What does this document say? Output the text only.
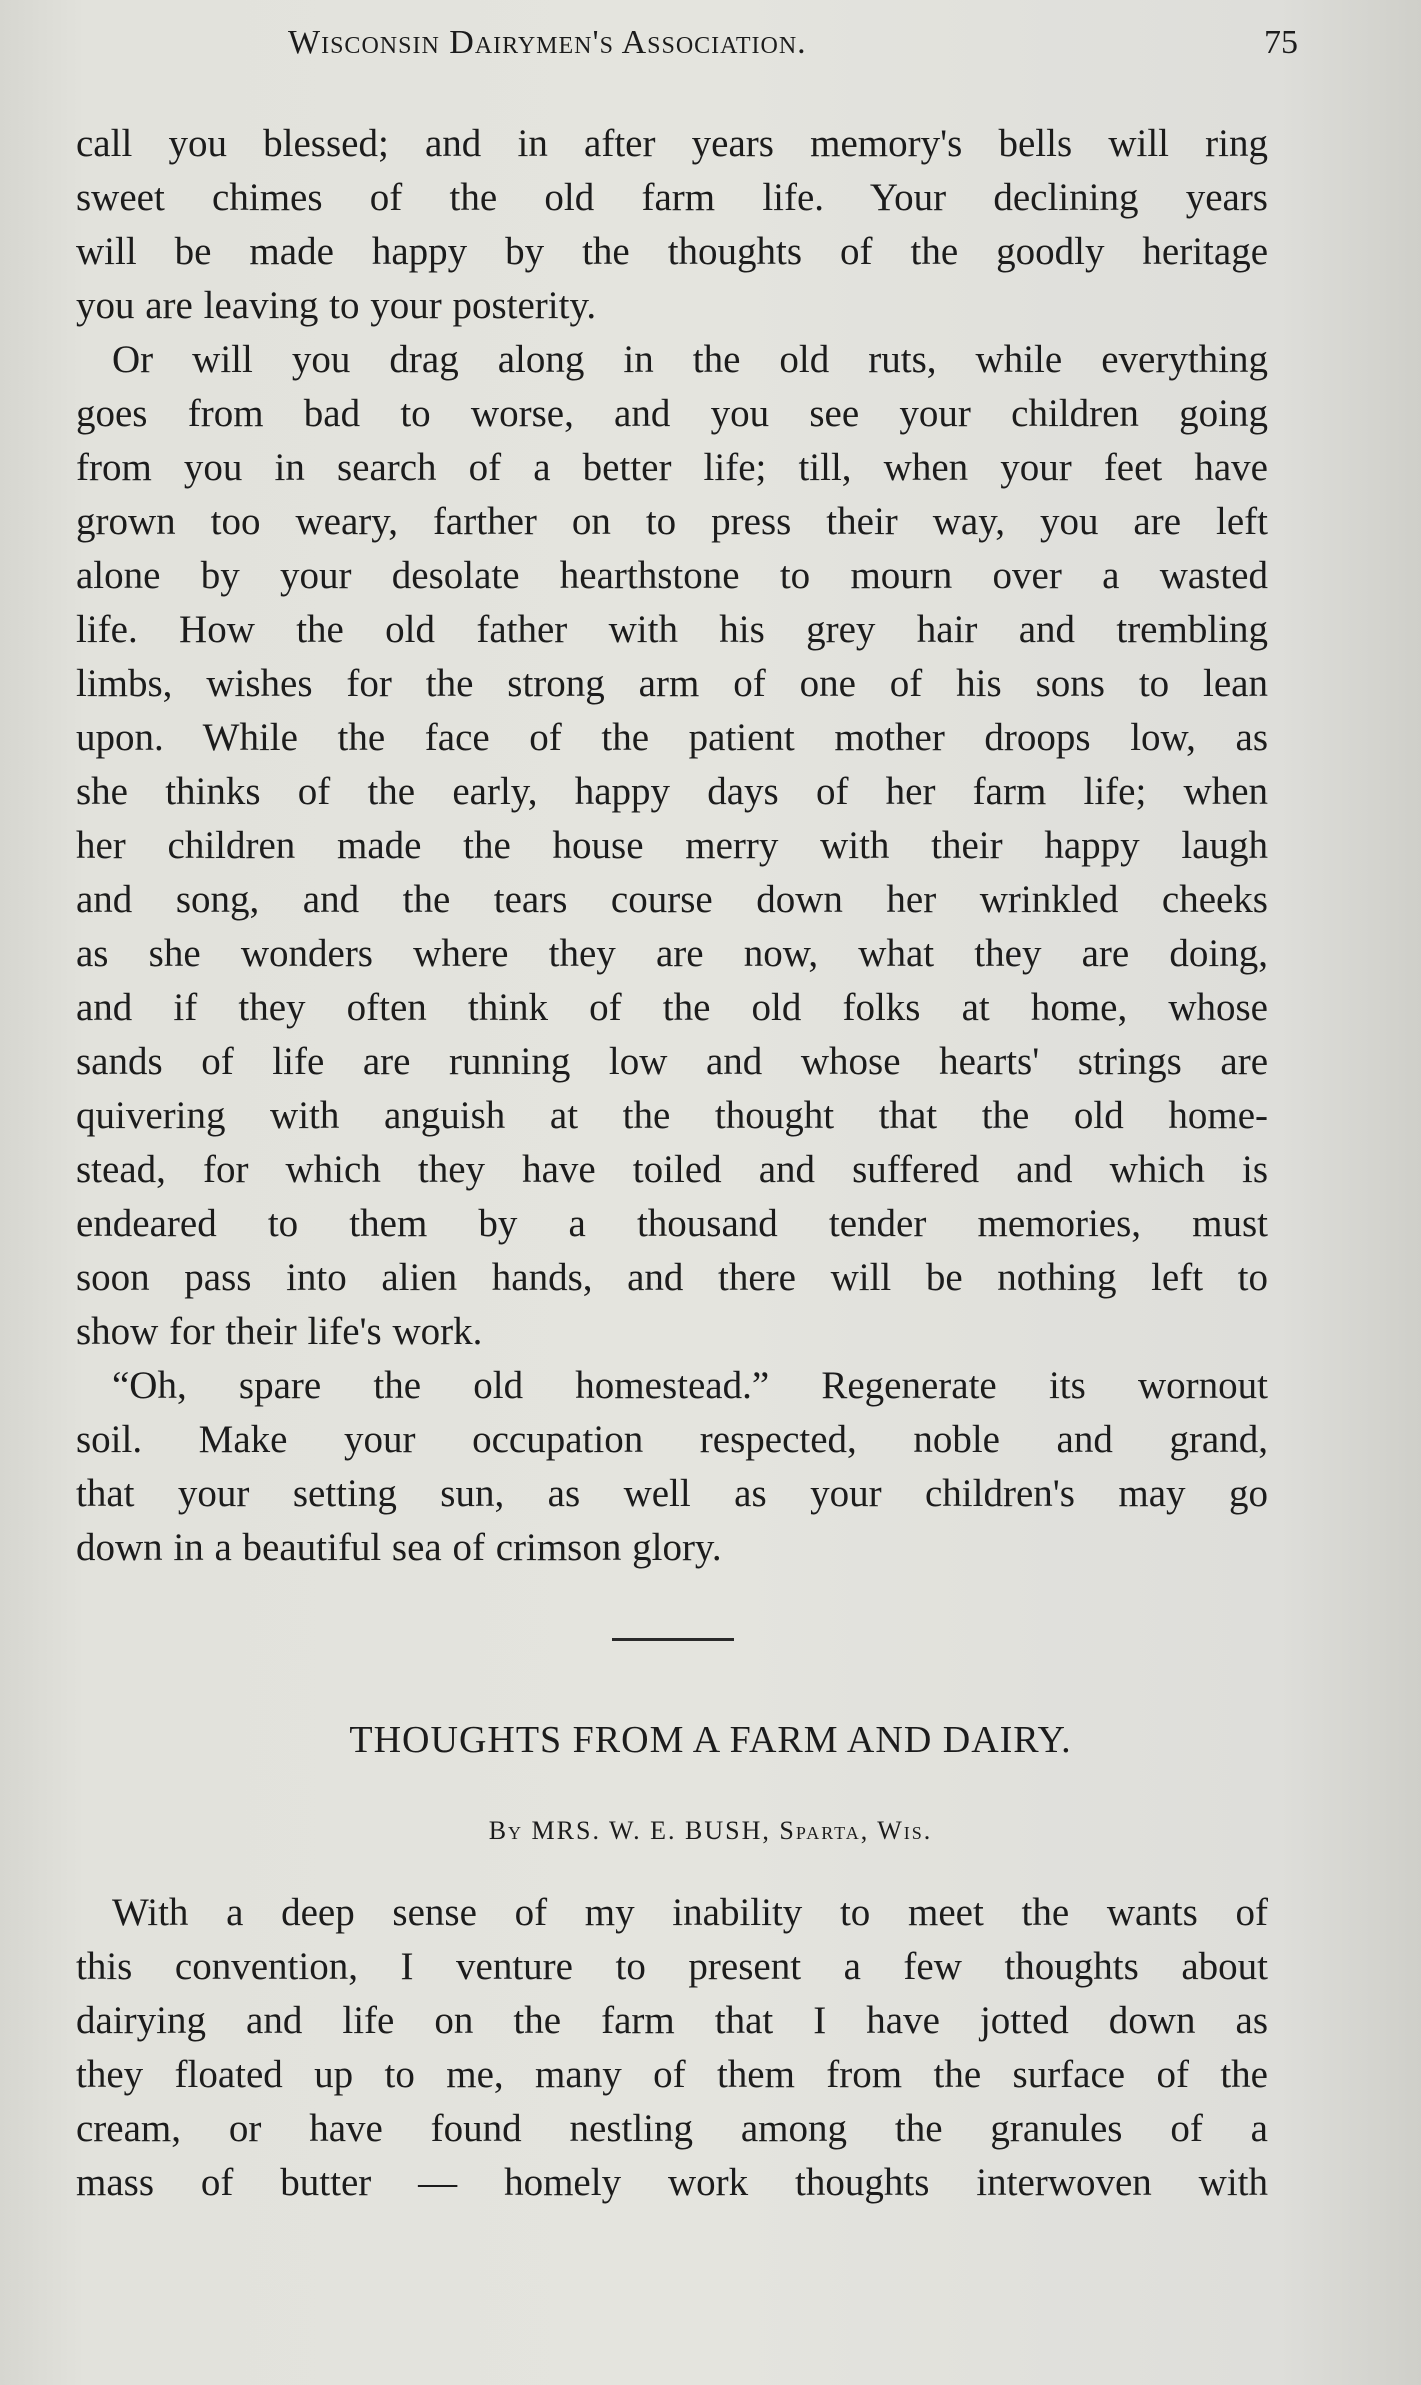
Wisconsin Dairymen's Association.	75
call you blessed; and in after years memory's bells will ring
sweet chimes of the old farm life. Your declining years
will be made happy by the thoughts of the goodly heritage
you are leaving to your posterity.
Or will you drag along in the old ruts, while everything
goes from bad to worse, and you see your children going
from you in search of a better life; till, when your feet have
grown too weary, farther on to press their way, you are left
alone by your desolate hearthstone to mourn over a wasted
life. How the old father with his grey hair and trembling
limbs, wishes for the strong arm of one of his sons to lean
upon. While the face of the patient mother droops low, as
she thinks of the early, happy days of her farm life; when
her children made the house merry with their happy laugh
and song, and the tears course down her wrinkled cheeks
as she wonders where they are now, what they are doing,
and if they often think of the old folks at home, whose
sands of life are running low and whose hearts' strings are
quivering with anguish at the thought that the old home-
stead, for which they have toiled and suffered and which is
endeared to them by a thousand tender memories, must
soon pass into alien hands, and there will be nothing left to
show for their life's work.
“Oh, spare the old homestead.” Regenerate its wornout
soil. Make your occupation respected, noble and grand,
that your setting sun, as well as your children's may go
down in a beautiful sea of crimson glory.
THOUGHTS FROM A FARM AND DAIRY.
By MRS. W. E. BUSH, Sparta, Wis.
With a deep sense of my inability to meet the wants of
this convention, I venture to present a few thoughts about
dairying and life on the farm that I have jotted down as
they floated up to me, many of them from the surface of the
cream, or have found nestling among the granules of a
mass of butter — homely work thoughts interwoven with
